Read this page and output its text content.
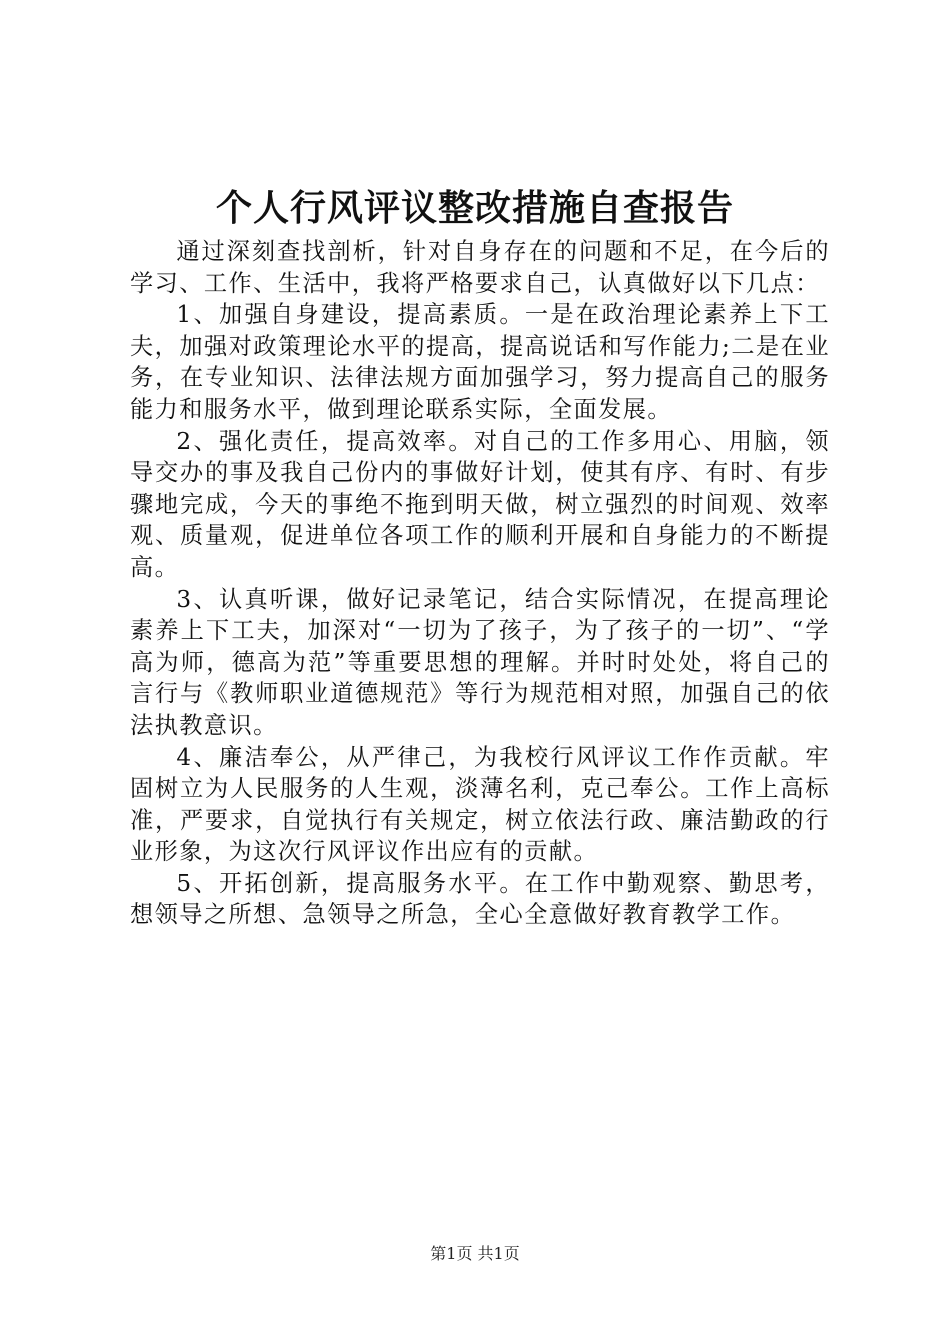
个人行风评议整改措施自查报告

通过深刻查找剖析，针对自身存在的问题和不足，在今后的学习、工作、生活中，我将严格要求自己，认真做好以下几点：

1、加强自身建设，提高素质。一是在政治理论素养上下工夫，加强对政策理论水平的提高，提高说话和写作能力;二是在业务，在专业知识、法律法规方面加强学习，努力提高自己的服务能力和服务水平，做到理论联系实际，全面发展。

2、强化责任，提高效率。对自己的工作多用心、用脑，领导交办的事及我自己份内的事做好计划，使其有序、有时、有步骤地完成，今天的事绝不拖到明天做，树立强烈的时间观、效率观、质量观，促进单位各项工作的顺利开展和自身能力的不断提高。

3、认真听课，做好记录笔记，结合实际情况，在提高理论素养上下工夫，加深对“一切为了孩子，为了孩子的一切”、“学高为师，德高为范”等重要思想的理解。并时时处处，将自己的言行与《教师职业道德规范》等行为规范相对照，加强自己的依法执教意识。

4、廉洁奉公，从严律己，为我校行风评议工作作贡献。牢固树立为人民服务的人生观，淡薄名利，克己奉公。工作上高标准，严要求，自觉执行有关规定，树立依法行政、廉洁勤政的行业形象，为这次行风评议作出应有的贡献。

5、开拓创新，提高服务水平。在工作中勤观察、勤思考，想领导之所想、急领导之所急，全心全意做好教育教学工作。

第1页 共1页
